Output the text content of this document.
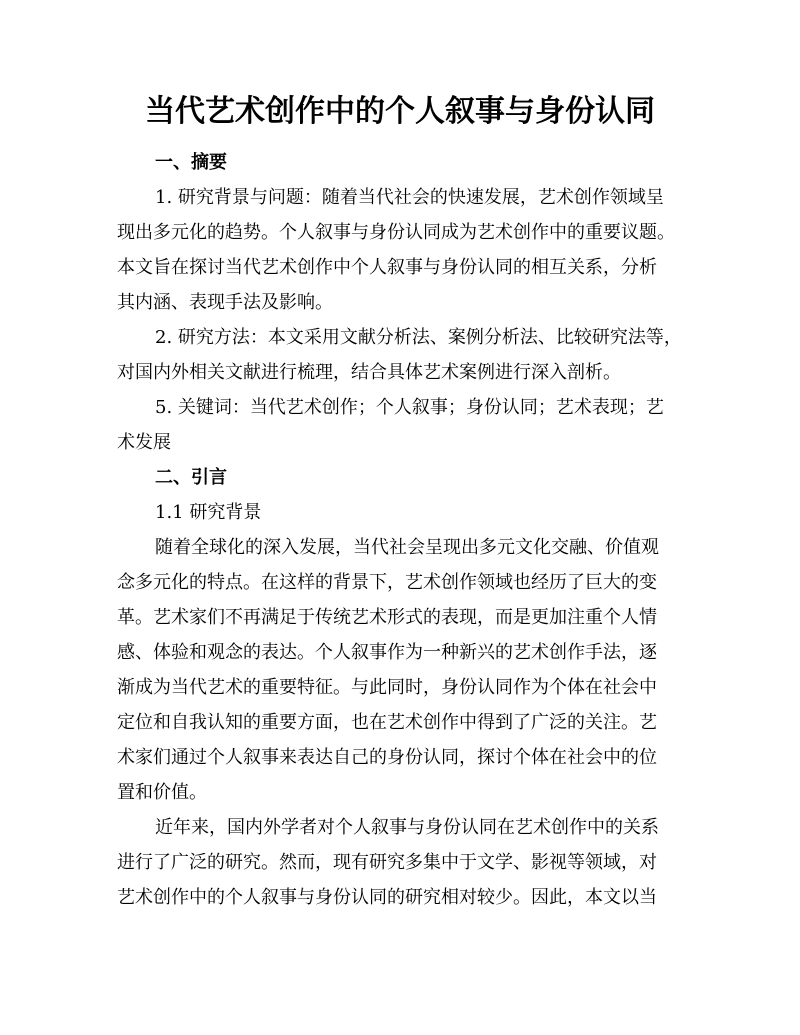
当代艺术创作中的个人叙事与身份认同
一、摘要
1. 研究背景与问题：随着当代社会的快速发展，艺术创作领域呈
现出多元化的趋势。个人叙事与身份认同成为艺术创作中的重要议题。
本文旨在探讨当代艺术创作中个人叙事与身份认同的相互关系，分析
其内涵、表现手法及影响。
2. 研究方法：本文采用文献分析法、案例分析法、比较研究法等，
对国内外相关文献进行梳理，结合具体艺术案例进行深入剖析。
5. 关键词：当代艺术创作；个人叙事；身份认同；艺术表现；艺
术发展
二、引言
1.1 研究背景
随着全球化的深入发展，当代社会呈现出多元文化交融、价值观
念多元化的特点。在这样的背景下，艺术创作领域也经历了巨大的变
革。艺术家们不再满足于传统艺术形式的表现，而是更加注重个人情
感、体验和观念的表达。个人叙事作为一种新兴的艺术创作手法，逐
渐成为当代艺术的重要特征。与此同时，身份认同作为个体在社会中
定位和自我认知的重要方面，也在艺术创作中得到了广泛的关注。艺
术家们通过个人叙事来表达自己的身份认同，探讨个体在社会中的位
置和价值。
近年来，国内外学者对个人叙事与身份认同在艺术创作中的关系
进行了广泛的研究。然而，现有研究多集中于文学、影视等领域，对
艺术创作中的个人叙事与身份认同的研究相对较少。因此，本文以当
